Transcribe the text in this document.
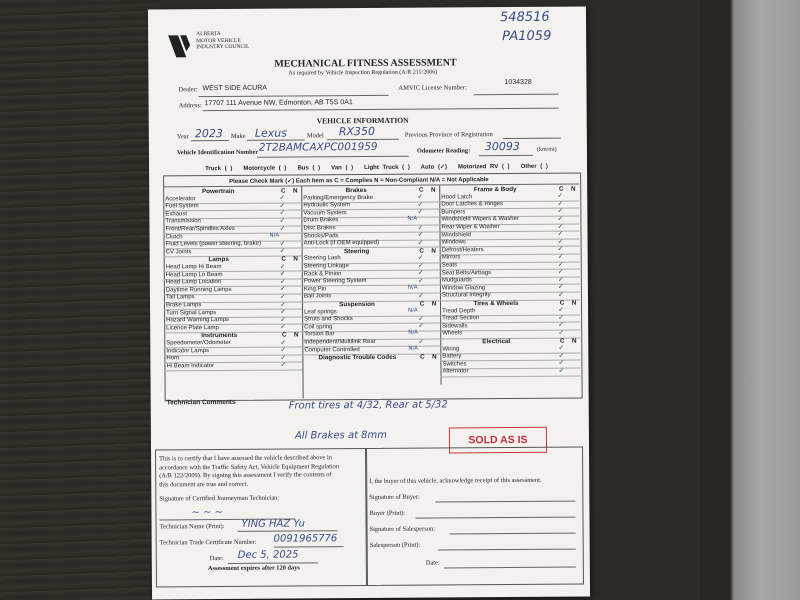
548516
PA1059
ALBERTA
MOTOR VEHICLE
INDUSTRY COUNCIL
MECHANICAL FITNESS ASSESSMENT
As required by Vehicle Inspection Regulation (A/R 211/2006)
Dealer: WEST SIDE ACURA	AMVIC License Number:
1034328
Address: 17707 111 Avenue NW, Edmonton, AB T5S 0A1
VEHICLE INFORMATION
Year 2023 Make Lexus	Model RX350	Previous Province of Registration
Vehicle Identification Number 2T2BAMCAXPC001959	Odometer Reading: 30093	(km/mi)
Truck ( ) Motorcycle ( ) Bus ( ) Van ( ) Light Truck ( ) Auto (✓) Motorized RV ( ) Other ( )
Please Check Mark (✓) Each Item as C = Complies N = Non-Compliant N/A = Not Applicable
Technician Comments	Front tires at 4/32, Rear at 5/32
All Brakes at 8mm	SOLD AS IS
This is to certify that I have assessed the vehicle described above in
accordance with the Traffic Safety Act, Vehicle Equipment Regulation
(A/R 122/2009). By signing this assessment I verify the contents of
this document are true and correct.
Signature of Certified Journeyman Technician:
~ ~ ~
Technician Name (Print): YING HAZ Yu
Technician Trade Certificate Number: 0091965776
Date: Dec 5, 2025
Assessment expires after 120 days
I, the buyer of this vehicle, acknowledge receipt of this assessment.
Signature of Buyer:
Buyer (Print):
Signature of Salesperson:
Salesperson (Print):
Date:
Powertrain	C N
Accelerator	✓
Fuel System	✓
Exhaust	✓
Transmission	✓
Front/Rear/Spindles Axles	✓
Clutch	N/A
Fluid Levels (power steering, brake)	✓
CV Joints	✓
Lamps	C N
Head Lamp Hi Beam	✓
Head Lamp Lo Beam	✓
Head Lamp Location	✓
Daytime Running Lamps	✓
Tail Lamps	✓
Brake Lamps	✓
Turn Signal Lamps	✓
Hazard Warning Lamps	✓
Licence Plate Lamp	✓
Instruments	C N
Speedometer/Odometer	✓
Indicator Lamps	✓
Horn	✓
Hi Beam Indicator	✓
Brakes	C N
Parking/Emergency Brake	✓
Hydraulic System	✓
Vacuum System	✓
Drum Brakes	N/A
Disc Brakes	✓
Shocks/Pads	✓
Anti-Lock (if OEM equipped)	✓
Steering	C N
Steering Lash	✓
Steering Linkage	✓
Rack & Pinion	✓
Power Steering System	✓
King Pin	N/A
Ball Joints	✓
Suspension	C N
Leaf springs	N/A
Struts and Shocks	✓
Coil spring	✓
Torsion Bar	N/A
Independent/Multilink Rear	✓
Computer Controlled	N/A
Diagnostic Trouble Codes	C N
Frame & Body	C N
Hood Latch	✓
Door Latches & Hinges	✓
Bumpers	✓
Windshield Wipers & Washer	✓
Rear Wiper & Washer	✓
Windshield	✓
Windows	✓
Defrost/Heaters	✓
Mirrors	✓
Seats	✓
Seat Belts/Airbags	✓
Mudguards	✓
Window Glazing	✓
Structural Integrity	✓
Tires & Wheels	C N
Tread Depth	✓
Tread Section	✓
Sidewalls	✓
Wheels	✓
Electrical	C N
Wiring	✓
Battery	✓
Switches	✓
Alternator	✓
